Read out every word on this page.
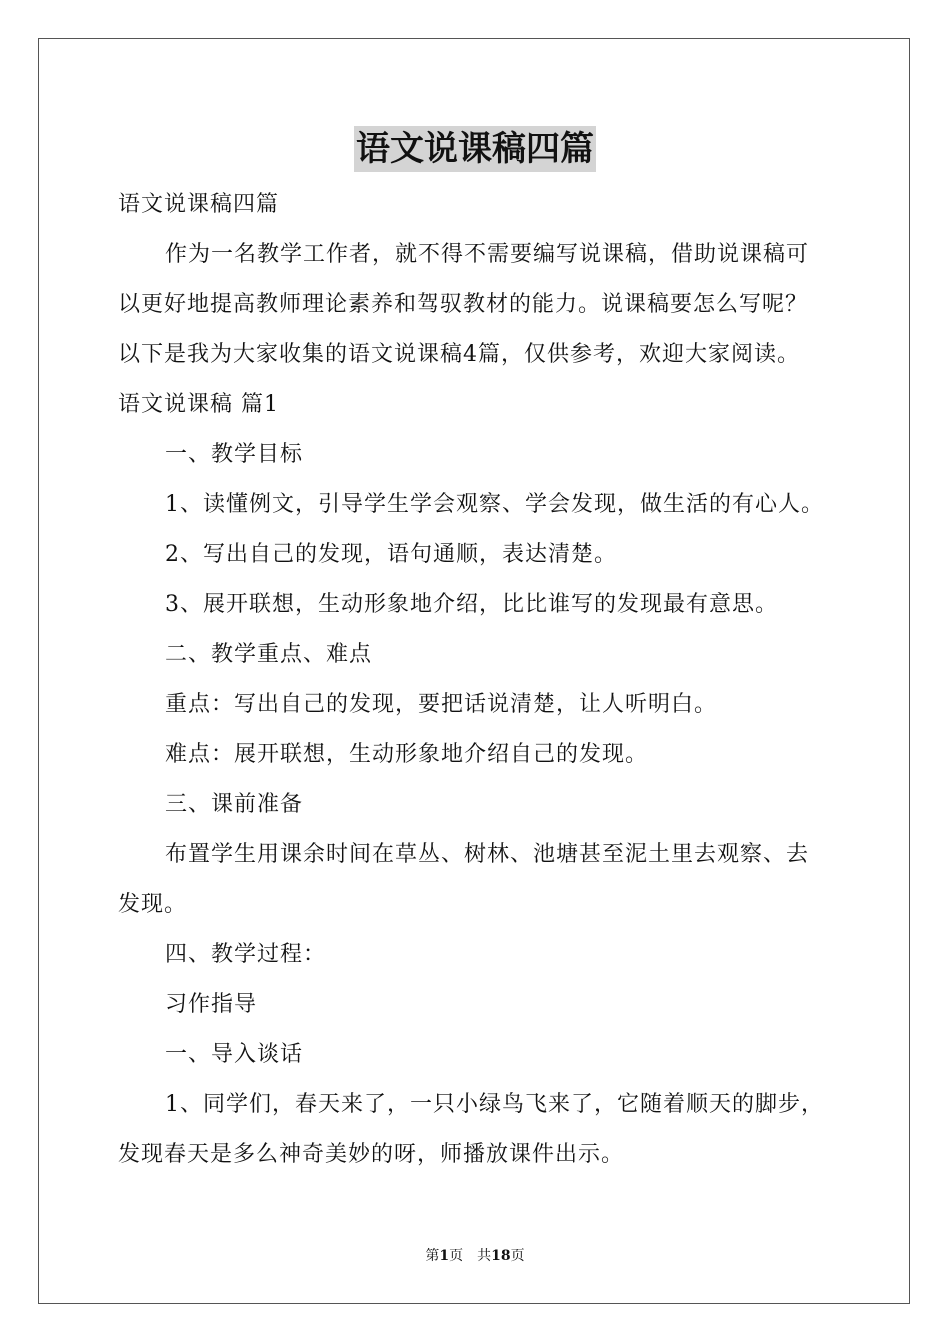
语文说课稿四篇
语文说课稿四篇
作为一名教学工作者，就不得不需要编写说课稿，借助说课稿可
以更好地提高教师理论素养和驾驭教材的能力。说课稿要怎么写呢？
以下是我为大家收集的语文说课稿4篇，仅供参考，欢迎大家阅读。
语文说课稿 篇1
一、教学目标
1、读懂例文，引导学生学会观察、学会发现，做生活的有心人。
2、写出自己的发现，语句通顺，表达清楚。
3、展开联想，生动形象地介绍，比比谁写的发现最有意思。
二、教学重点、难点
重点：写出自己的发现，要把话说清楚，让人听明白。
难点：展开联想，生动形象地介绍自己的发现。
三、课前准备
布置学生用课余时间在草丛、树林、池塘甚至泥土里去观察、去
发现。
四、教学过程：
习作指导
一、导入谈话
1、同学们，春天来了，一只小绿鸟飞来了，它随着顺天的脚步，
发现春天是多么神奇美妙的呀，师播放课件出示。
第1页　共18页
